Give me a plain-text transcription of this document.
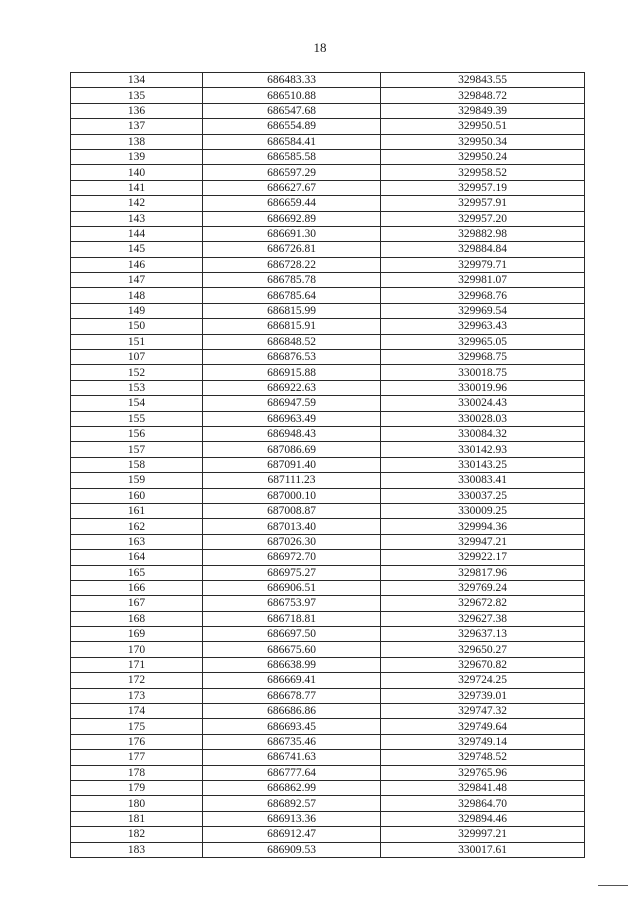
18
134	686483.33	329843.55
135	686510.88	329848.72
136	686547.68	329849.39
137	686554.89	329950.51
138	686584.41	329950.34
139	686585.58	329950.24
140	686597.29	329958.52
141	686627.67	329957.19
142	686659.44	329957.91
143	686692.89	329957.20
144	686691.30	329882.98
145	686726.81	329884.84
146	686728.22	329979.71
147	686785.78	329981.07
148	686785.64	329968.76
149	686815.99	329969.54
150	686815.91	329963.43
151	686848.52	329965.05
107	686876.53	329968.75
152	686915.88	330018.75
153	686922.63	330019.96
154	686947.59	330024.43
155	686963.49	330028.03
156	686948.43	330084.32
157	687086.69	330142.93
158	687091.40	330143.25
159	687111.23	330083.41
160	687000.10	330037.25
161	687008.87	330009.25
162	687013.40	329994.36
163	687026.30	329947.21
164	686972.70	329922.17
165	686975.27	329817.96
166	686906.51	329769.24
167	686753.97	329672.82
168	686718.81	329627.38
169	686697.50	329637.13
170	686675.60	329650.27
171	686638.99	329670.82
172	686669.41	329724.25
173	686678.77	329739.01
174	686686.86	329747.32
175	686693.45	329749.64
176	686735.46	329749.14
177	686741.63	329748.52
178	686777.64	329765.96
179	686862.99	329841.48
180	686892.57	329864.70
181	686913.36	329894.46
182	686912.47	329997.21
183	686909.53	330017.61
